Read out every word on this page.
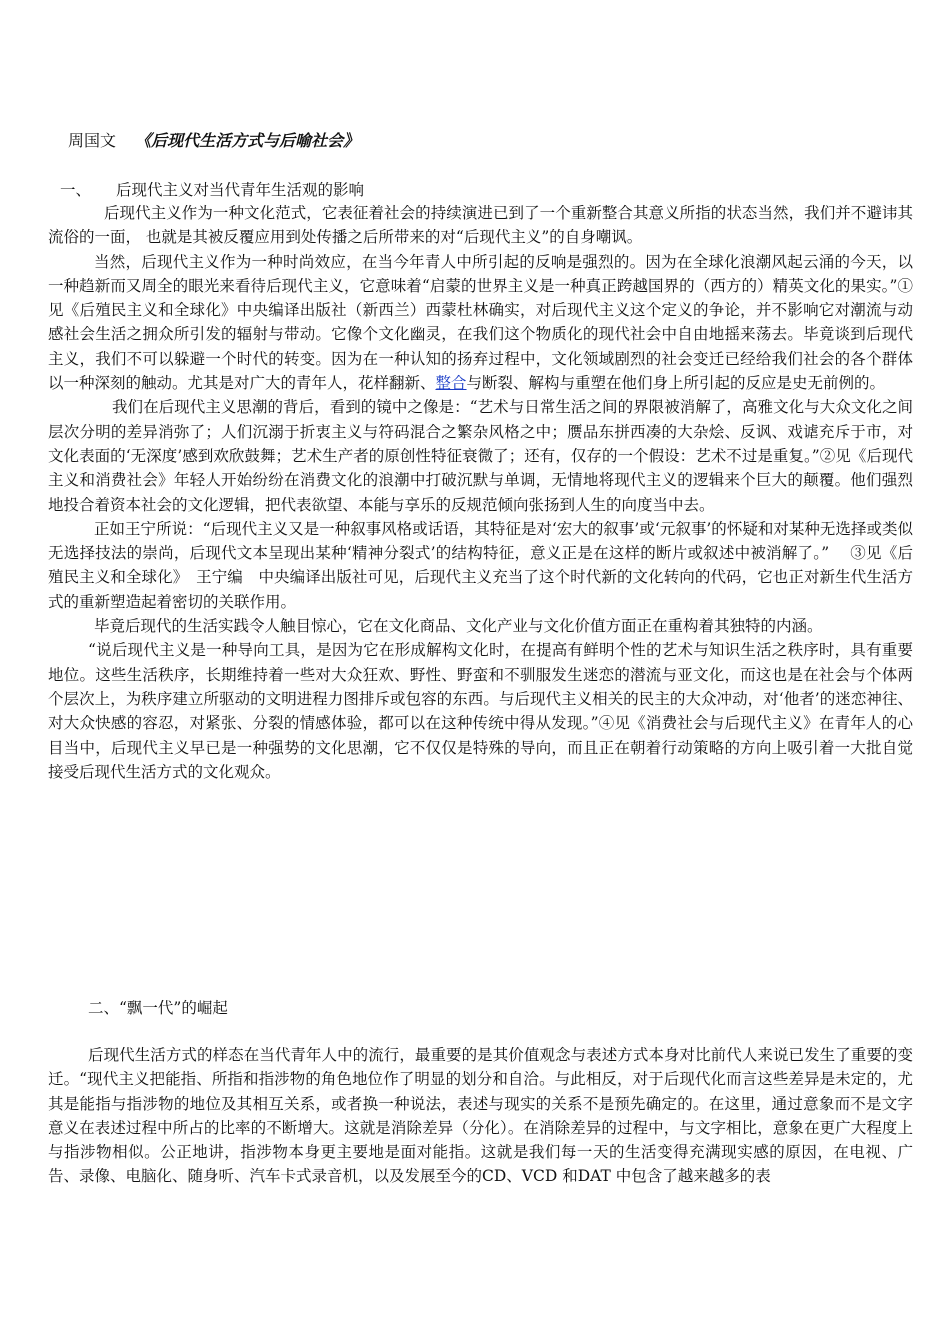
周国文 《后现代生活方式与后喻社会》
一、 后现代主义对当代青年生活观的影响

后现代主义作为一种文化范式，它表征着社会的持续演进已到了一个重新整合其意义所指的状态当然，我们并不避讳其流俗的一面， 也就是其被反覆应用到处传播之后所带来的对“后现代主义”的自身嘲讽。

当然，后现代主义作为一种时尚效应，在当今年青人中所引起的反响是强烈的。因为在全球化浪潮风起云涌的今天，以一种趋新而又周全的眼光来看待后现代主义，它意味着“启蒙的世界主义是一种真正跨越国界的（西方的）精英文化的果实。”①见《后殖民主义和全球化》中央编译出版社（新西兰）西蒙杜林确实，对后现代主义这个定义的争论，并不影响它对潮流与动感社会生活之拥众所引发的辐射与带动。它像个文化幽灵，在我们这个物质化的现代社会中自由地摇来荡去。毕竟谈到后现代主义，我们不可以躲避一个时代的转变。因为在一种认知的扬弃过程中，文化领域剧烈的社会变迁已经给我们社会的各个群体以一种深刻的触动。尤其是对广大的青年人，花样翻新、整合与断裂、解构与重塑在他们身上所引起的反应是史无前例的。

我们在后现代主义思潮的背后，看到的镜中之像是：“艺术与日常生活之间的界限被消解了，高雅文化与大众文化之间层次分明的差异消弥了；人们沉溺于折衷主义与符码混合之繁杂风格之中；赝品东拼西凑的大杂烩、反讽、戏谑充斥于市，对文化表面的‘无深度’感到欢欣鼓舞；艺术生产者的原创性特征衰微了；还有，仅存的一个假设：艺术不过是重复。”②见《后现代主义和消费社会》年轻人开始纷纷在消费文化的浪潮中打破沉默与单调，无情地将现代主义的逻辑来个巨大的颠覆。他们强烈地投合着资本社会的文化逻辑，把代表欲望、本能与享乐的反规范倾向张扬到人生的向度当中去。

正如王宁所说：“后现代主义又是一种叙事风格或话语，其特征是对‘宏大的叙事’或‘元叙事’的怀疑和对某种无选择或类似无选择技法的崇尚，后现代文本呈现出某种‘精神分裂式’的结构特征，意义正是在这样的断片或叙述中被消解了。”　 ③见《后殖民主义和全球化》　王宁编　中央编译出版社可见，后现代主义充当了这个时代新的文化转向的代码，它也正对新生代生活方式的重新塑造起着密切的关联作用。

毕竟后现代的生活实践令人触目惊心，它在文化商品、文化产业与文化价值方面正在重构着其独特的内涵。

“说后现代主义是一种导向工具，是因为它在形成解构文化时，在提高有鲜明个性的艺术与知识生活之秩序时，具有重要地位。这些生活秩序，长期维持着一些对大众狂欢、野性、野蛮和不驯服发生迷恋的潜流与亚文化，而这也是在社会与个体两个层次上，为秩序建立所驱动的文明进程力图排斥或包容的东西。与后现代主义相关的民主的大众冲动，对‘他者’的迷恋神往、对大众快感的容忍，对紧张、分裂的情感体验，都可以在这种传统中得从发现。”④见《消费社会与后现代主义》在青年人的心目当中，后现代主义早已是一种强势的文化思潮，它不仅仅是特殊的导向，而且正在朝着行动策略的方向上吸引着一大批自觉接受后现代生活方式的文化观众。

二、“飘一代”的崛起

后现代生活方式的样态在当代青年人中的流行，最重要的是其价值观念与表述方式本身对比前代人来说已发生了重要的变迁。“现代主义把能指、所指和指涉物的角色地位作了明显的划分和自洽。与此相反，对于后现代化而言这些差异是未定的，尤其是能指与指涉物的地位及其相互关系，或者换一种说法，表述与现实的关系不是预先确定的。在这里，通过意象而不是文字意义在表述过程中所占的比率的不断增大。这就是消除差异（分化）。在消除差异的过程中，与文字相比，意象在更广大程度上与指涉物相似。公正地讲，指涉物本身更主要地是面对能指。这就是我们每一天的生活变得充满现实感的原因，在电视、广告、录像、电脑化、随身听、汽车卡式录音机，以及发展至今的CD、VCD 和DAT 中包含了越来越多的表
